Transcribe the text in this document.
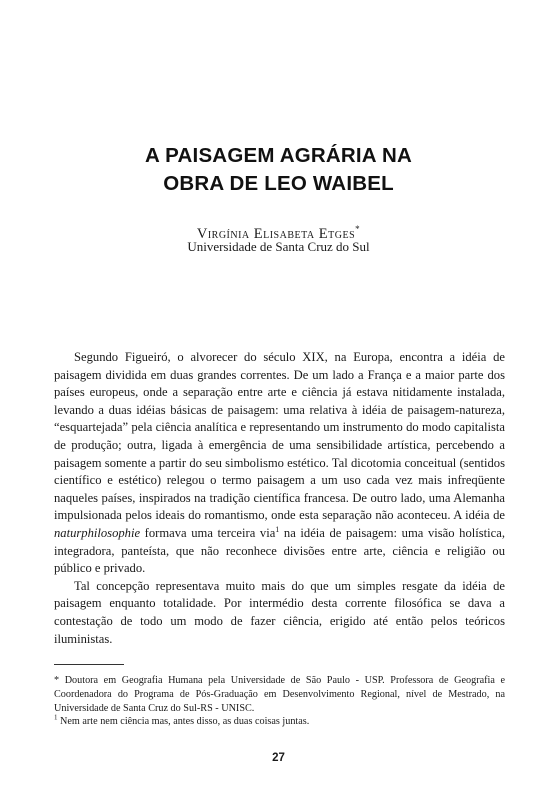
A PAISAGEM AGRÁRIA NA
OBRA DE LEO WAIBEL
Virgínia Elisabeta Etges*
Universidade de Santa Cruz do Sul

Segundo Figueiró, o alvorecer do século XIX, na Europa, encontra a idéia de paisagem dividida em duas grandes correntes. De um lado a França e a maior parte dos países europeus, onde a separação entre arte e ciência já estava nitidamente instalada, levando a duas idéias básicas de paisagem: uma relativa à idéia de paisagem-natureza, “esquartejada” pela ciência analítica e representando um instrumento do modo capitalista de produção; outra, ligada à emergência de uma sensibilidade artística, percebendo a paisagem somente a partir do seu simbolismo estético. Tal dicotomia conceitual (sentidos científico e estético) relegou o termo paisagem a um uso cada vez mais infreqüente naqueles países, inspirados na tradição científica francesa. De outro lado, uma Alemanha impulsionada pelos ideais do romantismo, onde esta separação não aconteceu. A idéia de naturphilosophie formava uma terceira via$^1$ na idéia de paisagem: uma visão holística, integradora, panteísta, que não reconhece divisões entre arte, ciência e religião ou público e privado.

Tal concepção representava muito mais do que um simples resgate da idéia de paisagem enquanto totalidade. Por intermédio desta corrente filosófica se dava a contestação de todo um modo de fazer ciência, erigido até então pelos teóricos iluministas.

* Doutora em Geografia Humana pela Universidade de São Paulo - USP. Professora de Geografia e Coordenadora do Programa de Pós-Graduação em Desenvolvimento Regional, nível de Mestrado, na Universidade de Santa Cruz do Sul-RS - UNISC.

$^1$ Nem arte nem ciência mas, antes disso, as duas coisas juntas.

27
